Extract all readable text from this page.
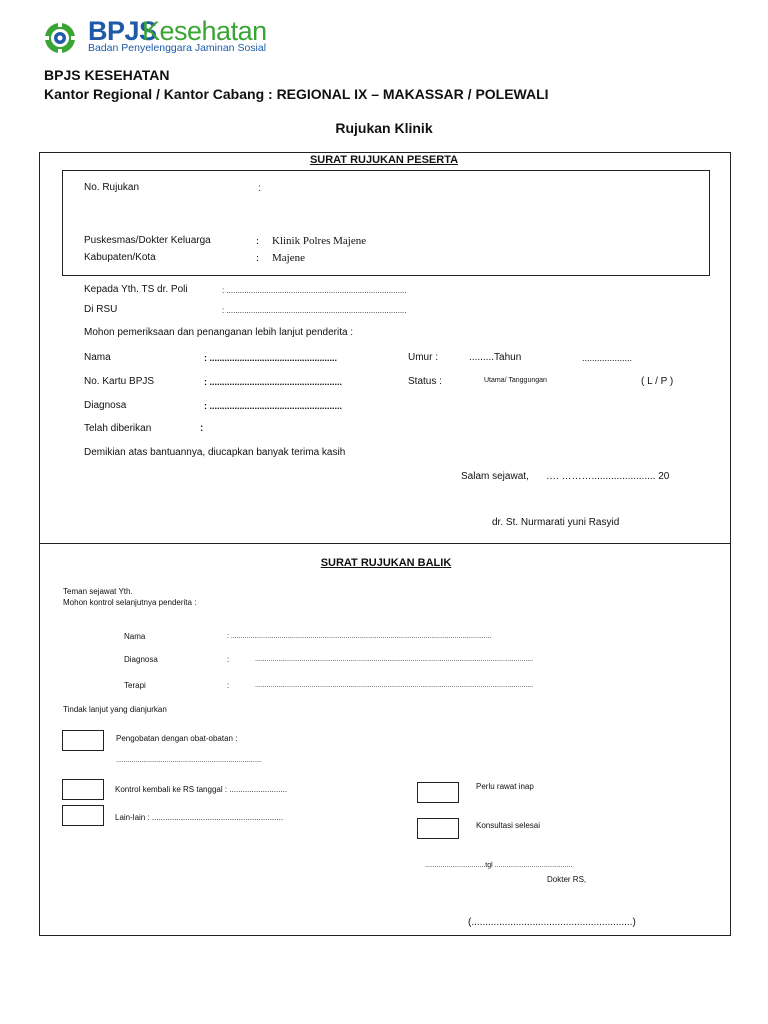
BPJS
Kesehatan
Badan Penyelenggara Jaminan Sosial
BPJS KESEHATAN
Kantor Regional / Kantor Cabang : REGIONAL IX – MAKASSAR / POLEWALI
Rujukan Klinik
SURAT RUJUKAN PESERTA
No. Rujukan	:
Puskesmas/Dokter Keluarga	: Klinik Polres Majene
Kabupaten/Kota	: Majene
Kepada Yth. TS dr. Poli	: .................................................................................
Di RSU	: .................................................................................
Mohon pemeriksaan dan penanganan lebih lanjut penderita :
Nama	: ...................................................	Umur :	.........Tahun	....................
No. Kartu BPJS	: .....................................................	Status :	Utama/ Tanggungan	( L / P )
Diagnosa	: .....................................................
Telah diberikan	:
Demikian atas bantuannya, diucapkan banyak terima kasih
Salam sejawat, …. ………....................... 20
dr. St. Nurmarati yuni Rasyid
SURAT RUJUKAN BALIK
Teman sejawat Yth.
Mohon kontrol selanjutnya penderita :
Nama	: ......................................................................................................................................
Diagnosa	:	...............................................................................................................................................
Terapi	:	...............................................................................................................................................
Tindak lanjut yang dianjurkan
Pengobatan dengan obat-obatan :
...........................................................................
Kontrol kembali ke RS tanggal : ..........................
Lain-lain : ...........................................................
Perlu rawat inap
Konsultasi selesai
...............................tgl ........................................
Dokter RS,
(..........................................................)
